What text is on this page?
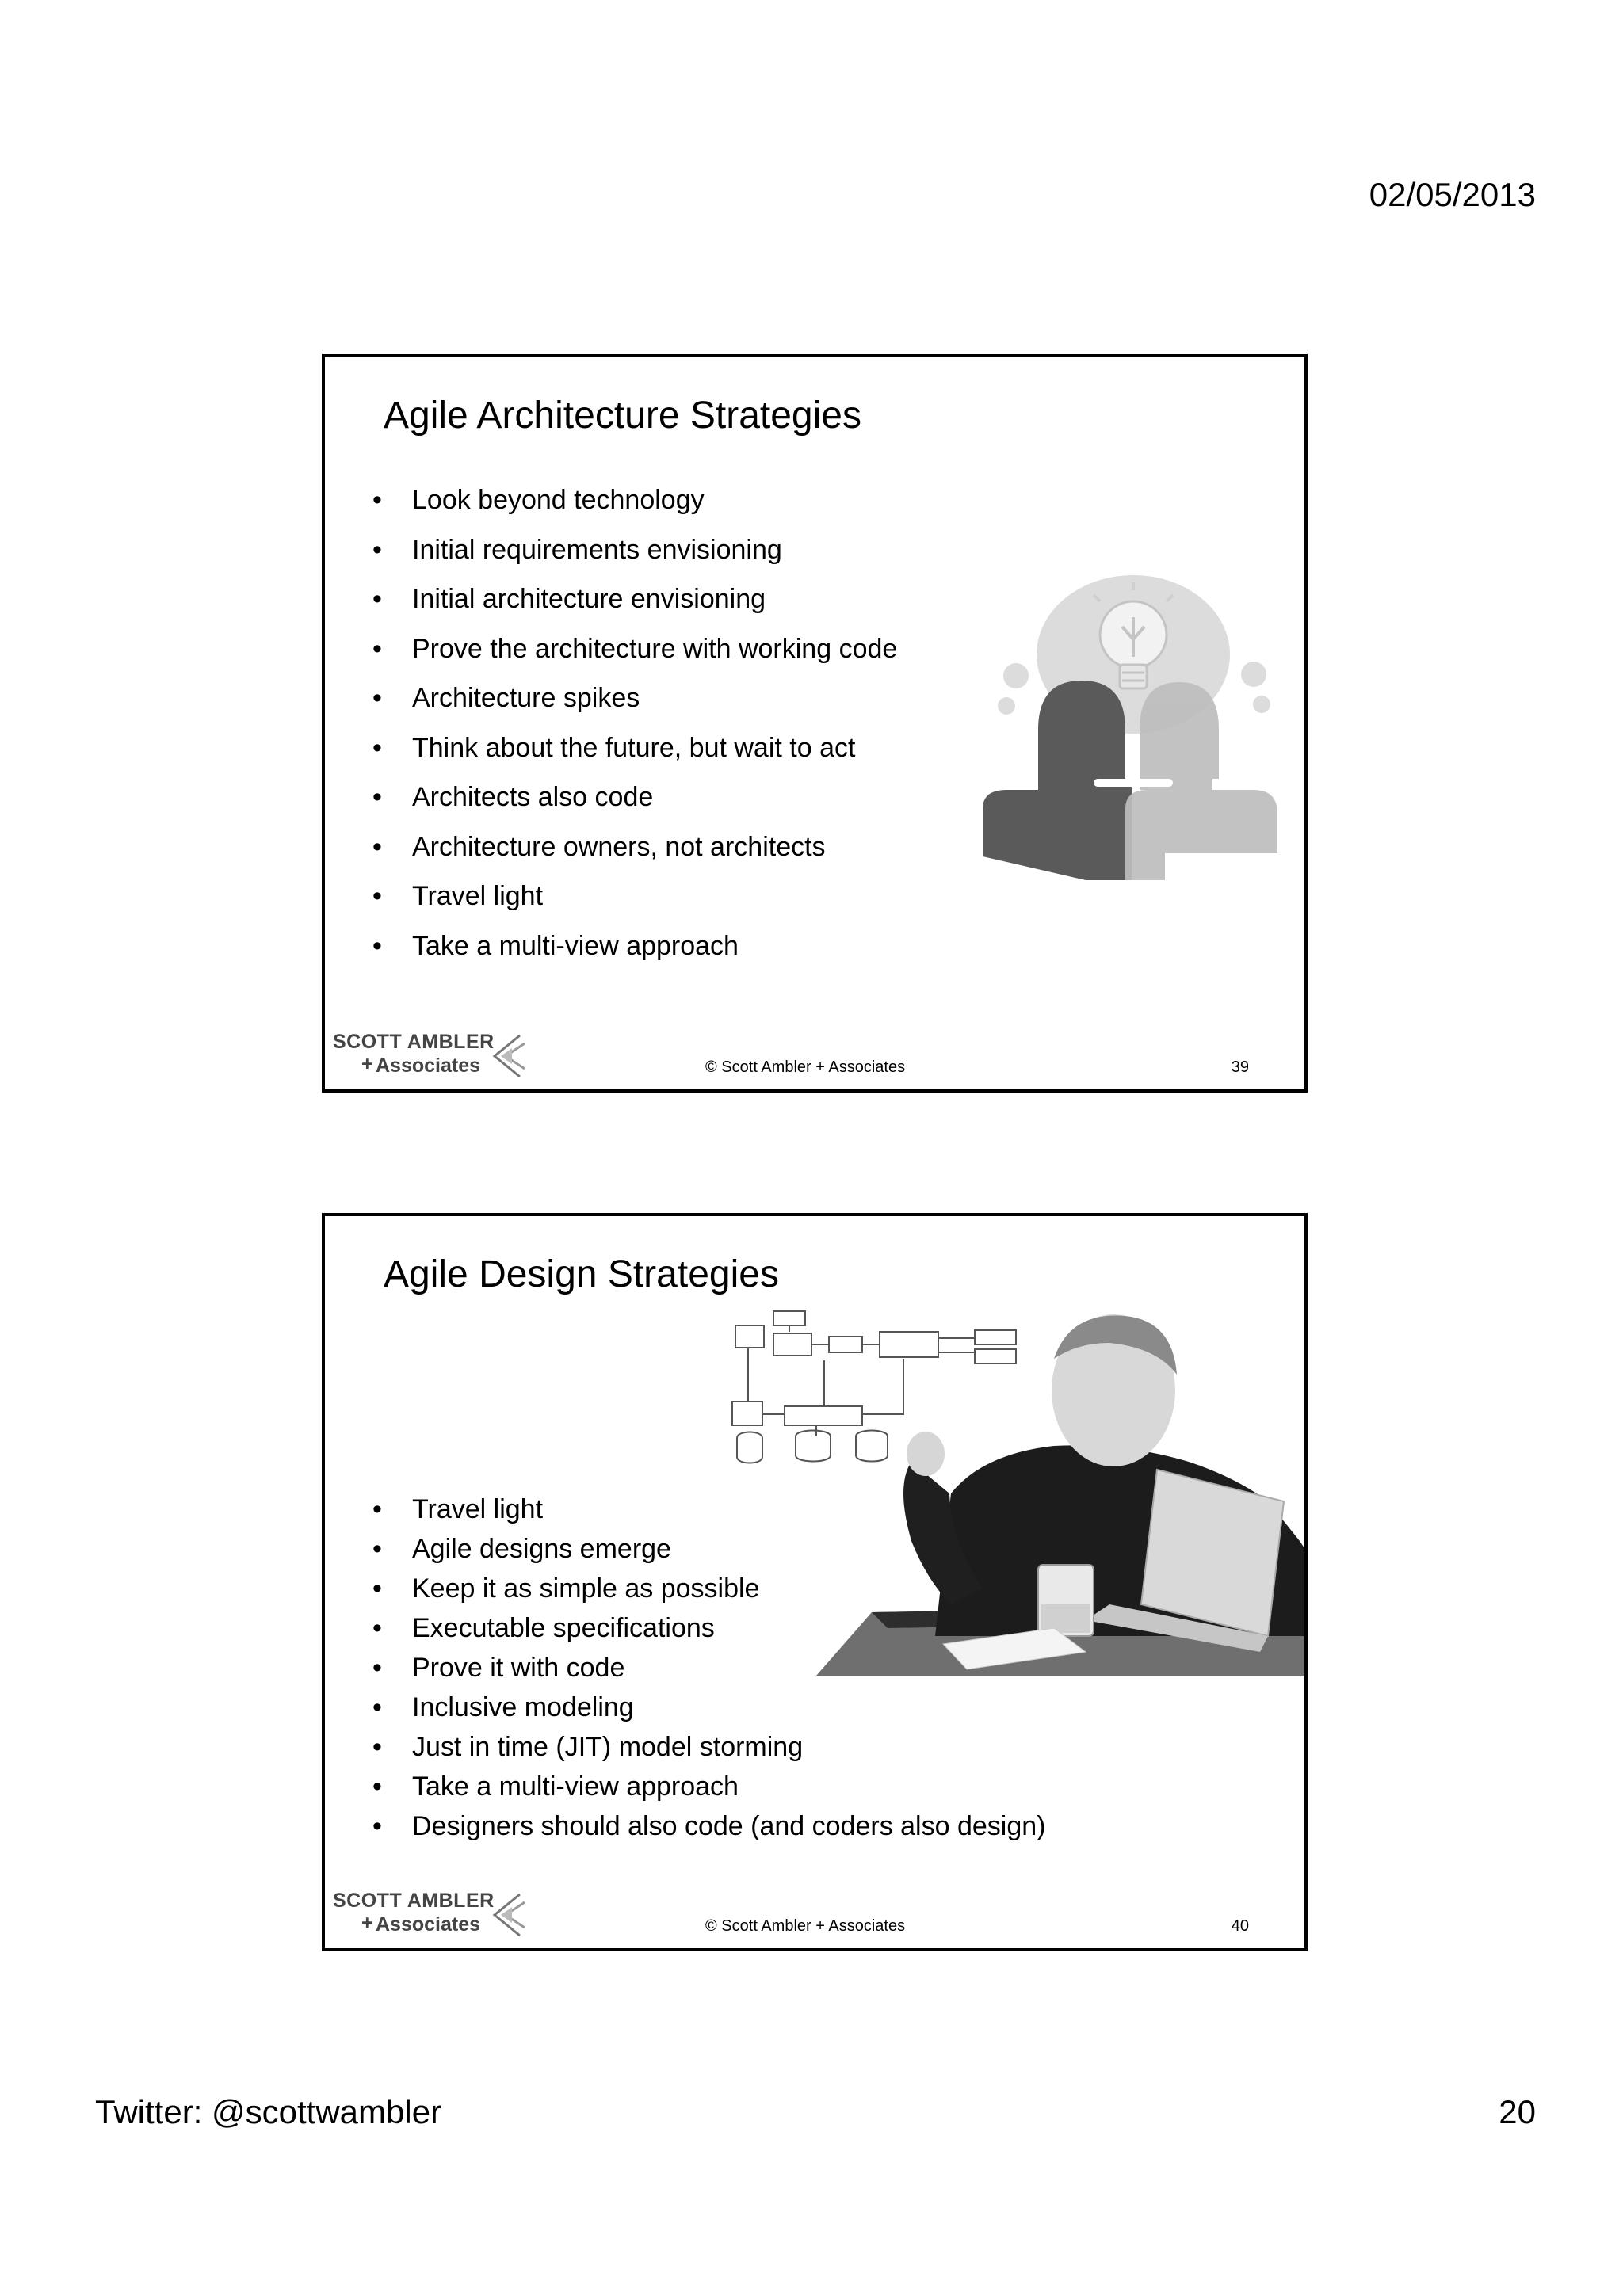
02/05/2013
Agile Architecture Strategies
• Look beyond technology
• Initial requirements envisioning
• Initial architecture envisioning
• Prove the architecture with working code
• Architecture spikes
• Think about the future, but wait to act
• Architects also code
• Architecture owners, not architects
• Travel light
• Take a multi-view approach
SCOTT AMBLER
+ Associates	© Scott Ambler + Associates	39
Agile Design Strategies
• Travel light
• Agile designs emerge
• Keep it as simple as possible
• Executable specifications
• Prove it with code
• Inclusive modeling
• Just in time (JIT) model storming
• Take a multi-view approach
• Designers should also code (and coders also design)
SCOTT AMBLER
+ Associates	© Scott Ambler + Associates	40
Twitter: @scottwambler	20
